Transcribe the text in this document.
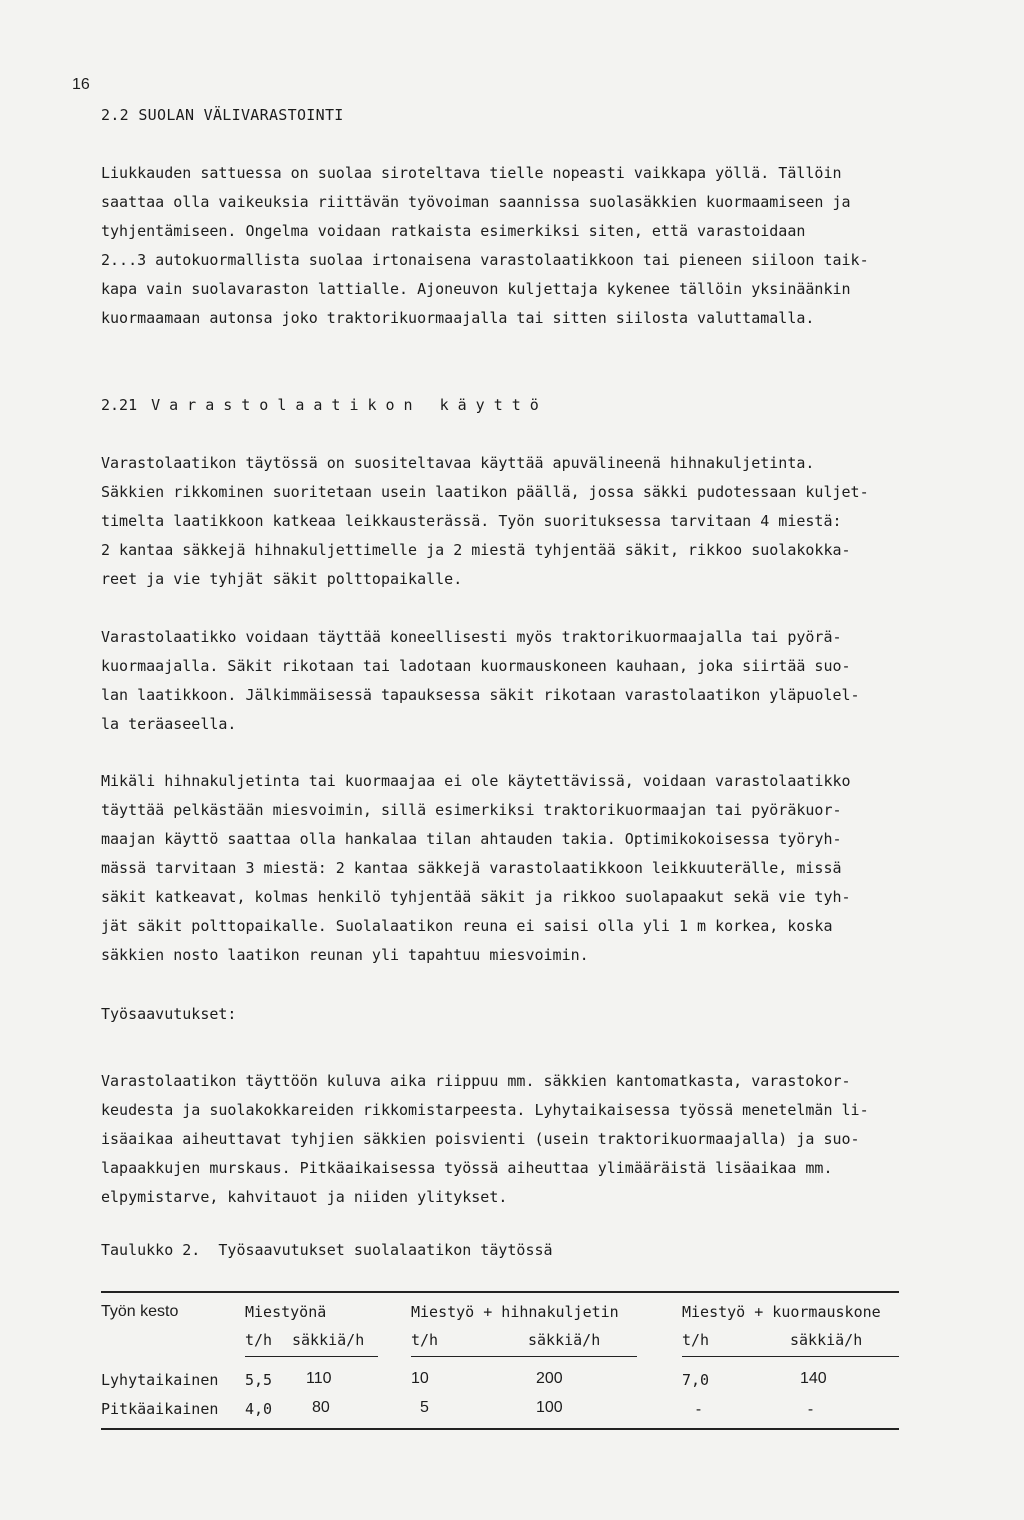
16
2.2 SUOLAN VÄLIVARASTOINTI

Liukkauden sattuessa on suolaa siroteltava tielle nopeasti vaikkapa yöllä. Tällöin
saattaa olla vaikeuksia riittävän työvoiman saannissa suolasäkkien kuormaamiseen ja
tyhjentämiseen. Ongelma voidaan ratkaista esimerkiksi siten, että varastoidaan
2...3 autokuormallista suolaa irtonaisena varastolaatikkoon tai pieneen siiloon taik-
kapa vain suolavaraston lattialle. Ajoneuvon kuljettaja kykenee tällöin yksinäänkin
kuormaamaan autonsa joko traktorikuormaajalla tai sitten siilosta valuttamalla.

2.21 Varastolaatikon käyttö

Varastolaatikon täytössä on suositeltavaa käyttää apuvälineenä hihnakuljetinta.
Säkkien rikkominen suoritetaan usein laatikon päällä, jossa säkki pudotessaan kuljet-
timelta laatikkoon katkeaa leikkausterässä. Työn suorituksessa tarvitaan 4 miestä:
2 kantaa säkkejä hihnakuljettimelle ja 2 miestä tyhjentää säkit, rikkoo suolakokka-
reet ja vie tyhjät säkit polttopaikalle.

Varastolaatikko voidaan täyttää koneellisesti myös traktorikuormaajalla tai pyörä-
kuormaajalla. Säkit rikotaan tai ladotaan kuormauskoneen kauhaan, joka siirtää suo-
lan laatikkoon. Jälkimmäisessä tapauksessa säkit rikotaan varastolaatikon yläpuolel-
la teräaseella.

Mikäli hihnakuljetinta tai kuormaajaa ei ole käytettävissä, voidaan varastolaatikko
täyttää pelkästään miesvoimin, sillä esimerkiksi traktorikuormaajan tai pyöräkuor-
maajan käyttö saattaa olla hankalaa tilan ahtauden takia. Optimikokoisessa työryh-
mässä tarvitaan 3 miestä: 2 kantaa säkkejä varastolaatikkoon leikkuuterälle, missä
säkit katkeavat, kolmas henkilö tyhjentää säkit ja rikkoo suolapaakut sekä vie tyh-
jät säkit polttopaikalle. Suolalaatikon reuna ei saisi olla yli 1 m korkea, koska
säkkien nosto laatikon reunan yli tapahtuu miesvoimin.

Työsaavutukset:

Varastolaatikon täyttöön kuluva aika riippuu mm. säkkien kantomatkasta, varastokor-
keudesta ja suolakokkareiden rikkomistarpeesta. Lyhytaikaisessa työssä menetelmän li-
isäaikaa aiheuttavat tyhjien säkkien poisvienti (usein traktorikuormaajalla) ja suo-
lapaakkujen murskaus. Pitkäaikaisessa työssä aiheuttaa ylimääräistä lisäaikaa mm.
elpymistarve, kahvitauot ja niiden ylitykset.

Taulukko 2.  Työsaavutukset suolalaatikon täytössä
Työn kesto	Miestyönä	Miestyö + hihnakuljetin	Miestyö + kuormauskone
t/h säkkiä/h	t/h	säkkiä/h	t/h	säkkiä/h
Lyhytaikainen 5,5 110	10	200	7,0	140
Pitkäaikainen 4,0 80	5	100	-	-
